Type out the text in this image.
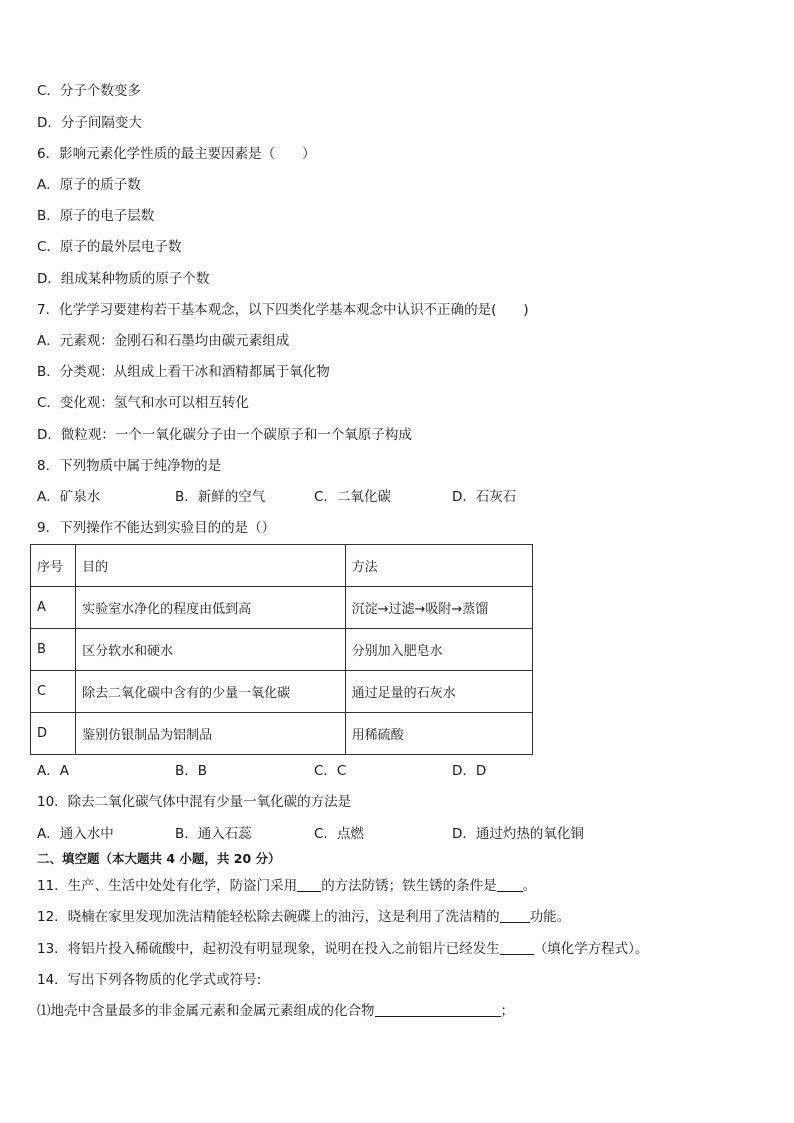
C．分子个数变多
D．分子间隔变大
6．影响元素化学性质的最主要因素是（　　）
A．原子的质子数
B．原子的电子层数
C．原子的最外层电子数
D．组成某种物质的原子个数
7．化学学习要建构若干基本观念，以下四类化学基本观念中认识不正确的是(　　)
A．元素观：金刚石和石墨均由碳元素组成
B．分类观：从组成上看干冰和酒精都属于氧化物
C．变化观：氢气和水可以相互转化
D．微粒观：一个一氧化碳分子由一个碳原子和一个氧原子构成
8．下列物质中属于纯净物的是
A．矿泉水	B．新鲜的空气	C．二氧化碳	D．石灰石
9．下列操作不能达到实验目的的是（）
序号	目的	方法
A	实验室水净化的程度由低到高	沉淀→过滤→吸附→蒸馏
B	区分软水和硬水	分别加入肥皂水
C	除去二氧化碳中含有的少量一氧化碳	通过足量的石灰水
D	鉴别仿银制品为铝制品	用稀硫酸
A．A	B．B	C．C	D．D
10．除去二氧化碳气体中混有少量一氧化碳的方法是
A．通入水中	B．通入石蕊	C．点燃	D．通过灼热的氧化铜
二、填空题（本大题共 4 小题，共 20 分）
11．生产、生活中处处有化学，防盗门采用 的方法防锈；铁生锈的条件是 。
12．晓楠在家里发现加洗洁精能轻松除去碗碟上的油污，这是利用了洗洁精的 功能。
13．将铝片投入稀硫酸中，起初没有明显现象，说明在投入之前铝片已经发生	（填化学方程式）。
14．写出下列各物质的化学式或符号:
⑴地壳中含量最多的非金属元素和金属元素组成的化合物	；
